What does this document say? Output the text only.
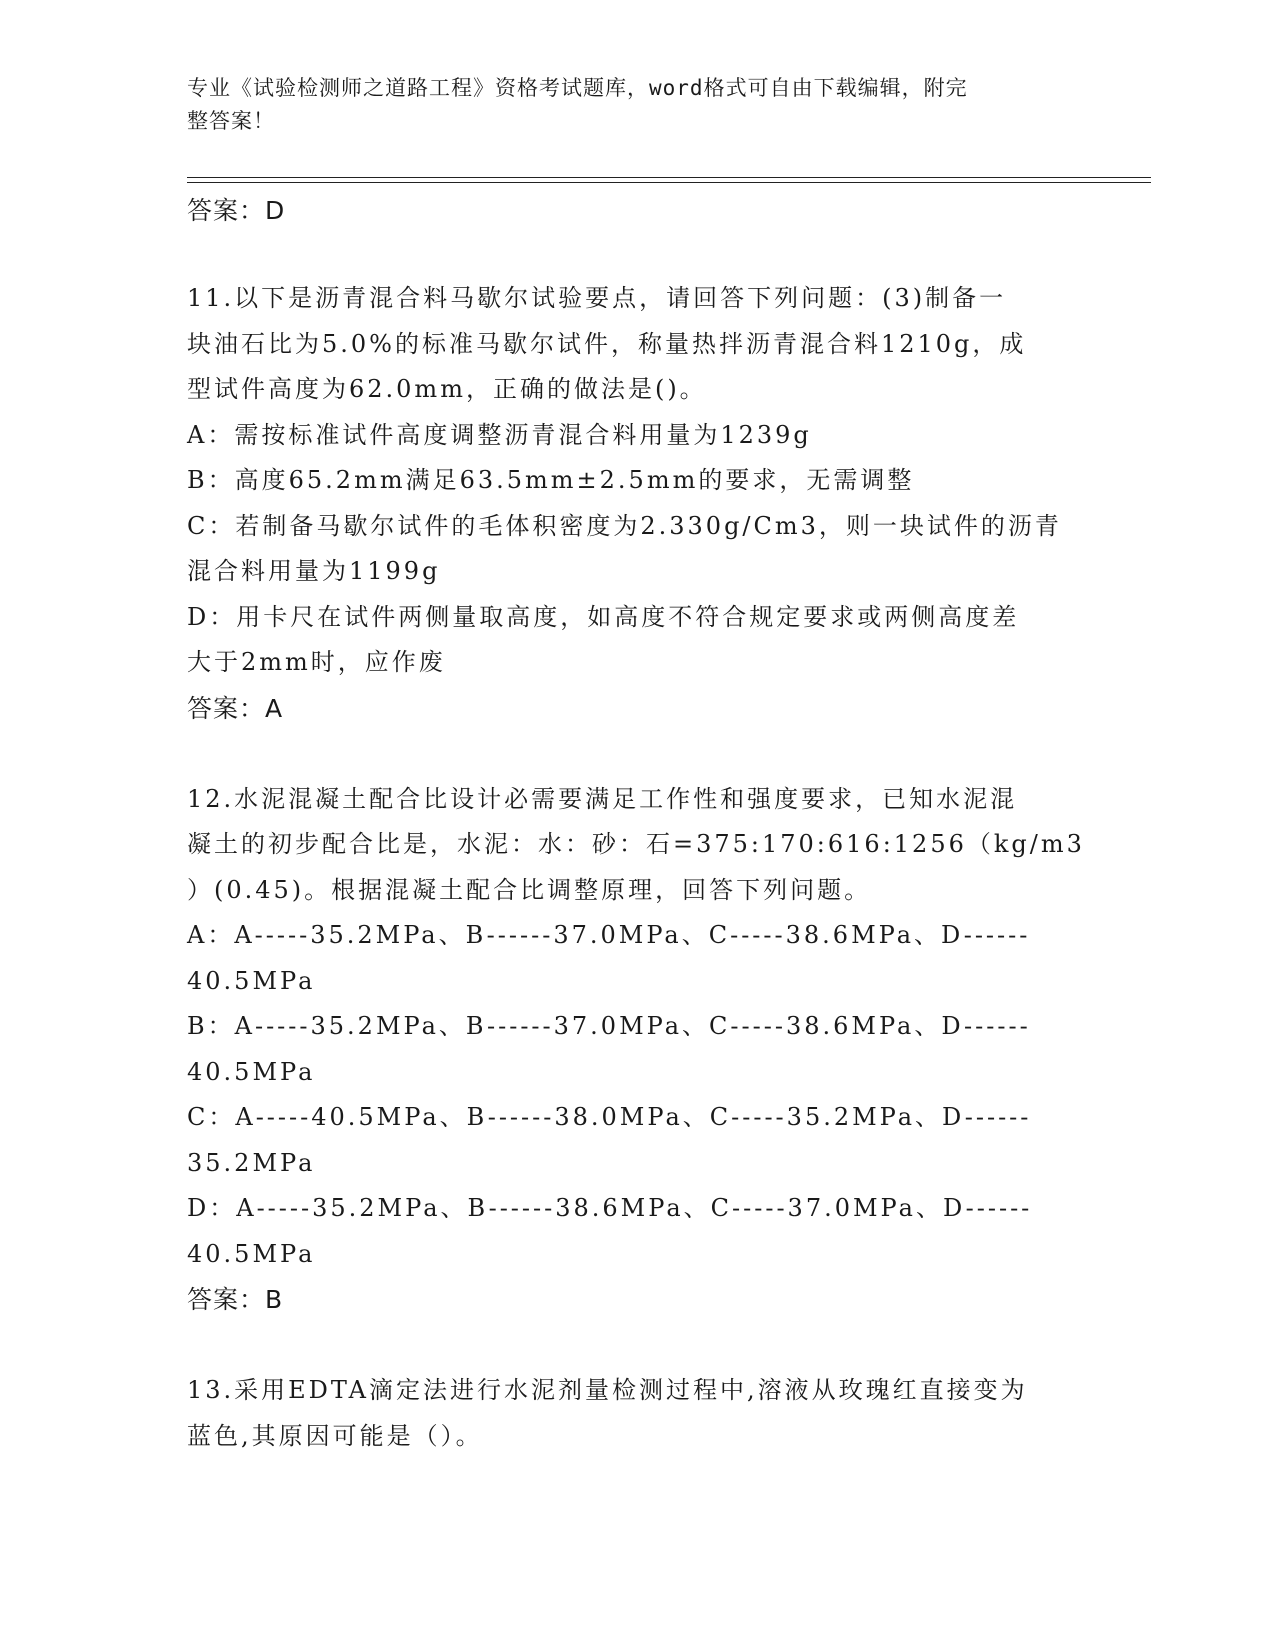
专业《试验检测师之道路工程》资格考试题库，word格式可自由下载编辑，附完
整答案！
答案：D
11.以下是沥青混合料马歇尔试验要点，请回答下列问题：(3)制备一
块油石比为5.0%的标准马歇尔试件，称量热拌沥青混合料1210g，成
型试件高度为62.0mm，正确的做法是()。
A：需按标准试件高度调整沥青混合料用量为1239g
B：高度65.2mm满足63.5mm±2.5mm的要求，无需调整
C：若制备马歇尔试件的毛体积密度为2.330g/Cm3，则一块试件的沥青
混合料用量为1199g
D：用卡尺在试件两侧量取高度，如高度不符合规定要求或两侧高度差
大于2mm时，应作废
答案：A
12.水泥混凝土配合比设计必需要满足工作性和强度要求，已知水泥混
凝土的初步配合比是，水泥：水：砂：石=375:170:616:1256（kg/m3
）(0.45)。根据混凝土配合比调整原理，回答下列问题。
A：A-----35.2MPa、B------37.0MPa、C-----38.6MPa、D------
40.5MPa
B：A-----35.2MPa、B------37.0MPa、C-----38.6MPa、D------
40.5MPa
C：A-----40.5MPa、B------38.0MPa、C-----35.2MPa、D------
35.2MPa
D：A-----35.2MPa、B------38.6MPa、C-----37.0MPa、D------
40.5MPa
答案：B
13.采用EDTA滴定法进行水泥剂量检测过程中,溶液从玫瑰红直接变为
蓝色,其原因可能是（）。
